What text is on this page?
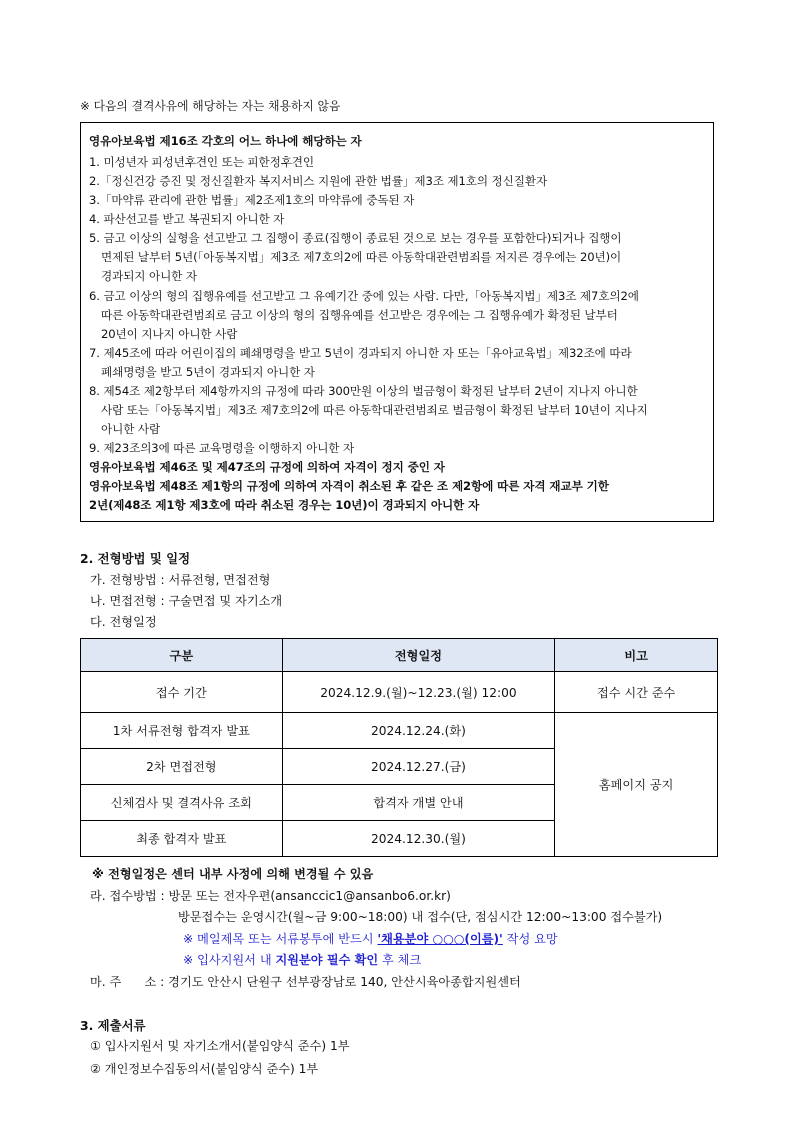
※ 다음의 결격사유에 해당하는 자는 채용하지 않음
영유아보육법 제16조 각호의 어느 하나에 해당하는 자
1. 미성년자 피성년후견인 또는 피한정후견인
2.「정신건강 증진 및 정신질환자 복지서비스 지원에 관한 법률」제3조 제1호의 정신질환자
3.「마약류 관리에 관한 법률」제2조제1호의 마약류에 중독된 자
4. 파산선고를 받고 복권되지 아니한 자
5. 금고 이상의 실형을 선고받고 그 집행이 종료(집행이 종료된 것으로 보는 경우를 포함한다)되거나 집행이
면제된 날부터 5년(「아동복지법」제3조 제7호의2에 따른 아동학대관련범죄를 저지른 경우에는 20년)이
경과되지 아니한 자
6. 금고 이상의 형의 집행유예를 선고받고 그 유예기간 중에 있는 사람. 다만,「아동복지법」제3조 제7호의2에
따른 아동학대관련범죄로 금고 이상의 형의 집행유예를 선고받은 경우에는 그 집행유예가 확정된 날부터
20년이 지나지 아니한 사람
7. 제45조에 따라 어린이집의 폐쇄명령을 받고 5년이 경과되지 아니한 자 또는「유아교육법」제32조에 따라
폐쇄명령을 받고 5년이 경과되지 아니한 자
8. 제54조 제2항부터 제4항까지의 규정에 따라 300만원 이상의 벌금형이 확정된 날부터 2년이 지나지 아니한
사람 또는「아동복지법」제3조 제7호의2에 따른 아동학대관련범죄로 벌금형이 확정된 날부터 10년이 지나지
아니한 사람
9. 제23조의3에 따른 교육명령을 이행하지 아니한 자
영유아보육법 제46조 및 제47조의 규정에 의하여 자격이 정지 중인 자
영유아보육법 제48조 제1항의 규정에 의하여 자격이 취소된 후 같은 조 제2항에 따른 자격 재교부 기한
2년(제48조 제1항 제3호에 따라 취소된 경우는 10년)이 경과되지 아니한 자
2. 전형방법 및 일정
가. 전형방법 : 서류전형, 면접전형
나. 면접전형 : 구술면접 및 자기소개
다. 전형일정
구분	전형일정	비고
접수 기간	2024.12.9.(월)~12.23.(월) 12:00	접수 시간 준수
1차 서류전형 합격자 발표	2024.12.24.(화)	홈페이지 공지
2차 면접전형	2024.12.27.(금)	
신체검사 및 결격사유 조회	합격자 개별 안내	
최종 합격자 발표	2024.12.30.(월)	
※ 전형일정은 센터 내부 사정에 의해 변경될 수 있음
라. 접수방법 : 방문 또는 전자우편(ansanccic1@ansanbo6.or.kr)
방문접수는 운영시간(월~금 9:00~18:00) 내 접수(단, 점심시간 12:00~13:00 접수불가)
※ 메일제목 또는 서류봉투에 반드시 '채용분야 ○○○(이름)' 작성 요망
※ 입사지원서 내 지원분야 필수 확인 후 체크
마. 주      소 : 경기도 안산시 단원구 선부광장남로 140, 안산시육아종합지원센터
3. 제출서류
① 입사지원서 및 자기소개서(붙임양식 준수) 1부
② 개인정보수집동의서(붙임양식 준수) 1부
